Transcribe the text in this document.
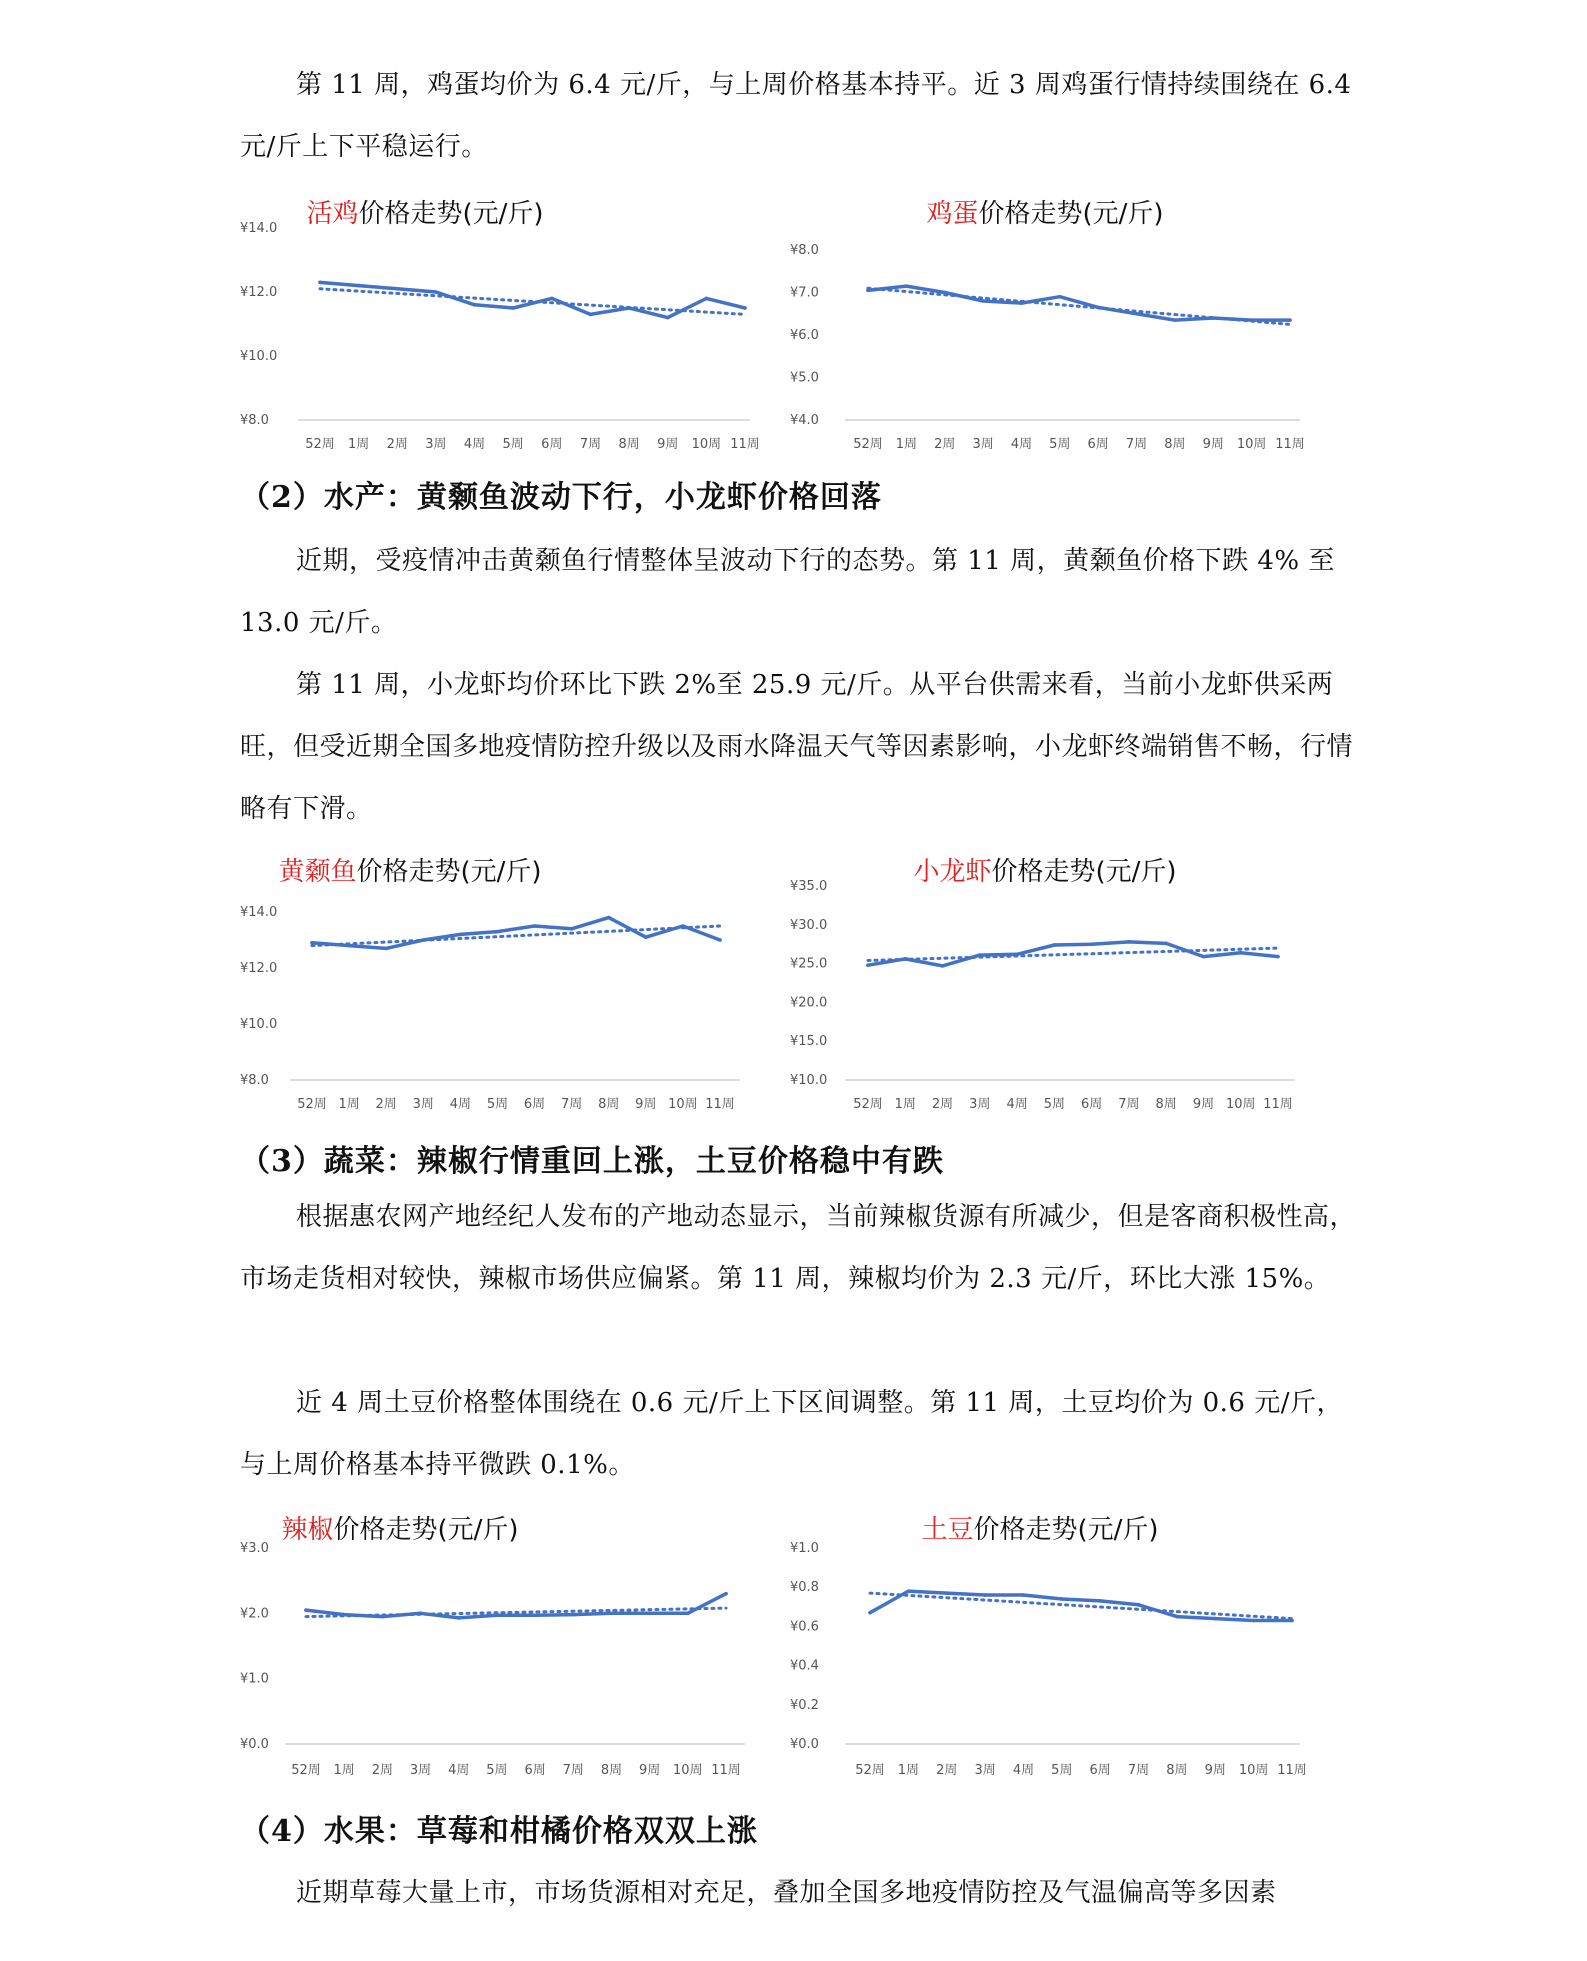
第 11 周，鸡蛋均价为 6.4 元/斤，与上周价格基本持平。近 3 周鸡蛋行情持续围绕在 6.4 元/斤上下平稳运行。

活鸡价格走势(元/斤)
¥8.0
¥10.0
¥12.0
¥14.0
52周 1周 2周 3周 4周 5周 6周 7周 8周 9周 10周 11周
鸡蛋价格走势(元/斤)
¥4.0
¥5.0
¥6.0
¥7.0
¥8.0
52周 1周 2周 3周 4周 5周 6周 7周 8周 9周 10周 11周
（2）水产：黄颡鱼波动下行，小龙虾价格回落

近期，受疫情冲击黄颡鱼行情整体呈波动下行的态势。第 11 周，黄颡鱼价格下跌 4% 至 13.0 元/斤。

第 11 周，小龙虾均价环比下跌 2%至 25.9 元/斤。从平台供需来看，当前小龙虾供采两旺，但受近期全国多地疫情防控升级以及雨水降温天气等因素影响，小龙虾终端销售不畅，行情略有下滑。

黄颡鱼价格走势(元/斤)
¥8.0
¥10.0
¥12.0
¥14.0
52周 1周 2周 3周 4周 5周 6周 7周 8周 9周 10周 11周
小龙虾价格走势(元/斤)
¥10.0
¥15.0
¥20.0
¥25.0
¥30.0
¥35.0
52周 1周 2周 3周 4周 5周 6周 7周 8周 9周 10周 11周
（3）蔬菜：辣椒行情重回上涨，土豆价格稳中有跌

根据惠农网产地经纪人发布的产地动态显示，当前辣椒货源有所减少，但是客商积极性高，市场走货相对较快，辣椒市场供应偏紧。第 11 周，辣椒均价为 2.3 元/斤，环比大涨 15%。

近 4 周土豆价格整体围绕在 0.6 元/斤上下区间调整。第 11 周，土豆均价为 0.6 元/斤，与上周价格基本持平微跌 0.1%。

辣椒价格走势(元/斤)
¥0.0
¥1.0
¥2.0
¥3.0
52周 1周 2周 3周 4周 5周 6周 7周 8周 9周 10周 11周
土豆价格走势(元/斤)
¥0.0
¥0.2
¥0.4
¥0.6
¥0.8
¥1.0
52周 1周 2周 3周 4周 5周 6周 7周 8周 9周 10周 11周
（4）水果：草莓和柑橘价格双双上涨

近期草莓大量上市，市场货源相对充足，叠加全国多地疫情防控及气温偏高等多因素
